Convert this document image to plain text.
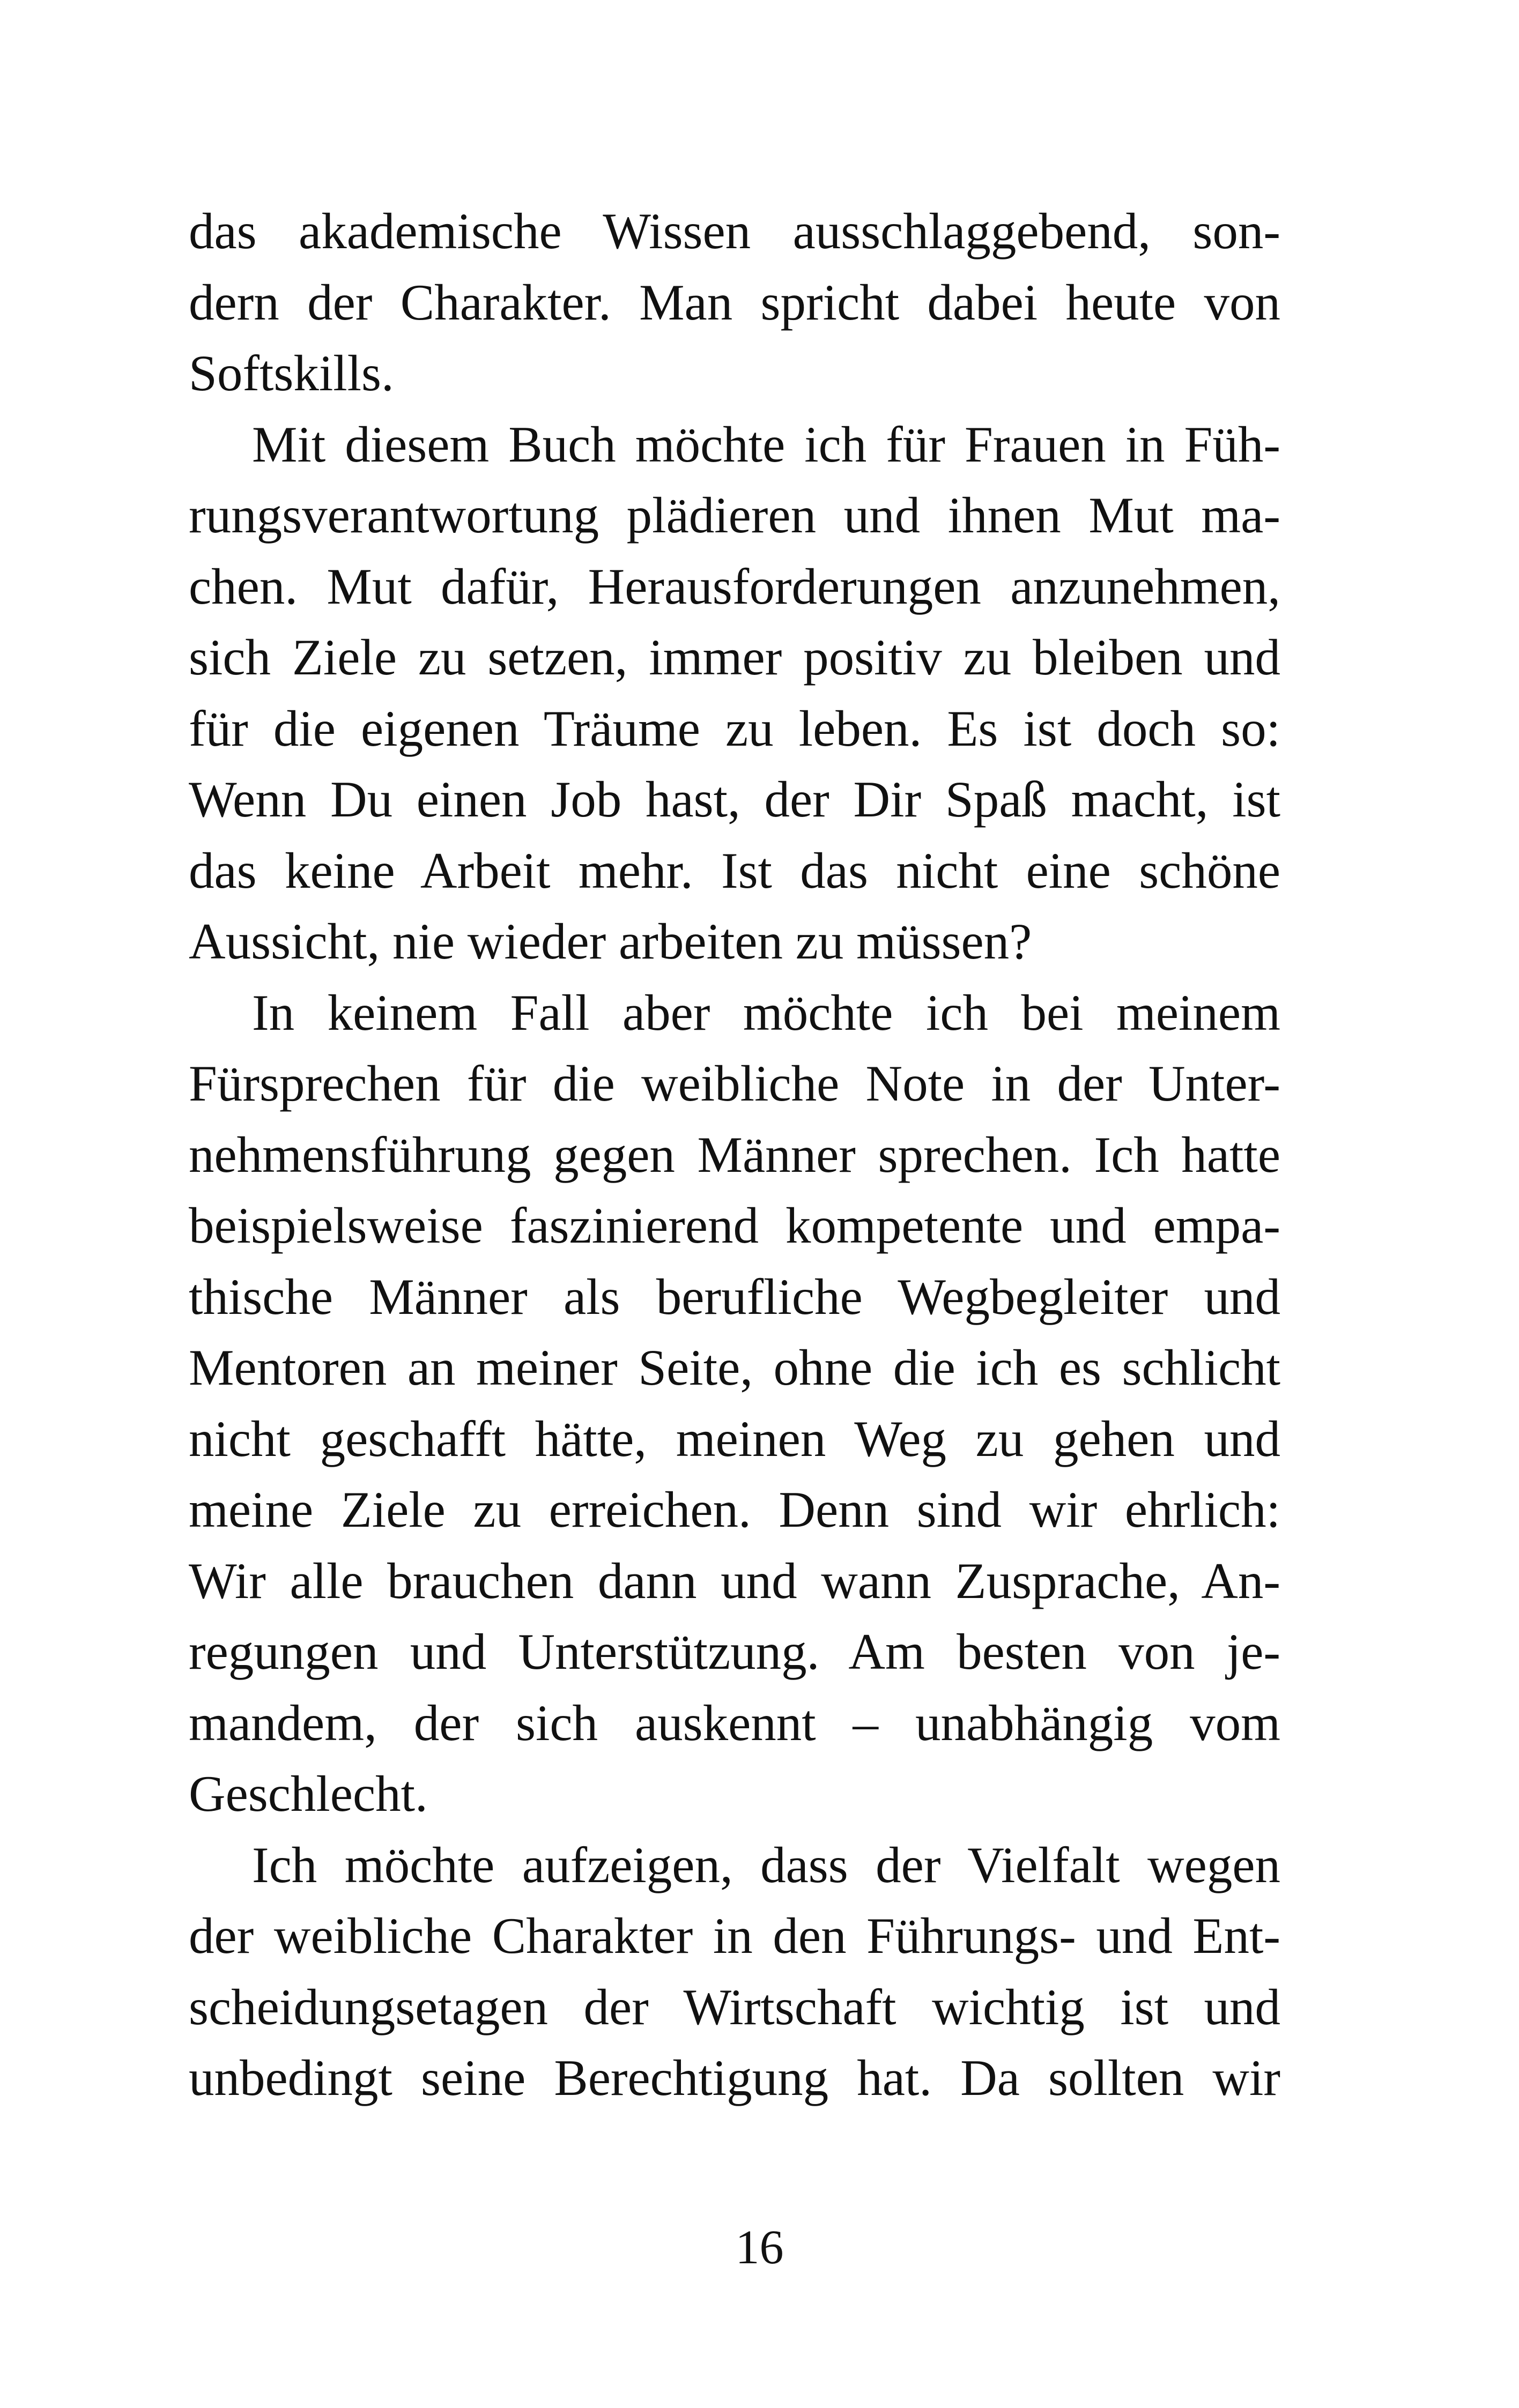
das akademische Wissen ausschlaggebend, son-
dern der Charakter. Man spricht dabei heute von
Softskills.
Mit diesem Buch möchte ich für Frauen in Füh-
rungsverantwortung plädieren und ihnen Mut ma-
chen. Mut dafür, Herausforderungen anzunehmen,
sich Ziele zu setzen, immer positiv zu bleiben und
für die eigenen Träume zu leben. Es ist doch so:
Wenn Du einen Job hast, der Dir Spaß macht, ist
das keine Arbeit mehr. Ist das nicht eine schöne
Aussicht, nie wieder arbeiten zu müssen?
In keinem Fall aber möchte ich bei meinem
Fürsprechen für die weibliche Note in der Unter-
nehmensführung gegen Männer sprechen. Ich hatte
beispielsweise faszinierend kompetente und empa-
thische Männer als berufliche Wegbegleiter und
Mentoren an meiner Seite, ohne die ich es schlicht
nicht geschafft hätte, meinen Weg zu gehen und
meine Ziele zu erreichen. Denn sind wir ehrlich:
Wir alle brauchen dann und wann Zusprache, An-
regungen und Unterstützung. Am besten von je-
mandem, der sich auskennt – unabhängig vom
Geschlecht.
Ich möchte aufzeigen, dass der Vielfalt wegen
der weibliche Charakter in den Führungs- und Ent-
scheidungsetagen der Wirtschaft wichtig ist und
unbedingt seine Berechtigung hat. Da sollten wir
16
